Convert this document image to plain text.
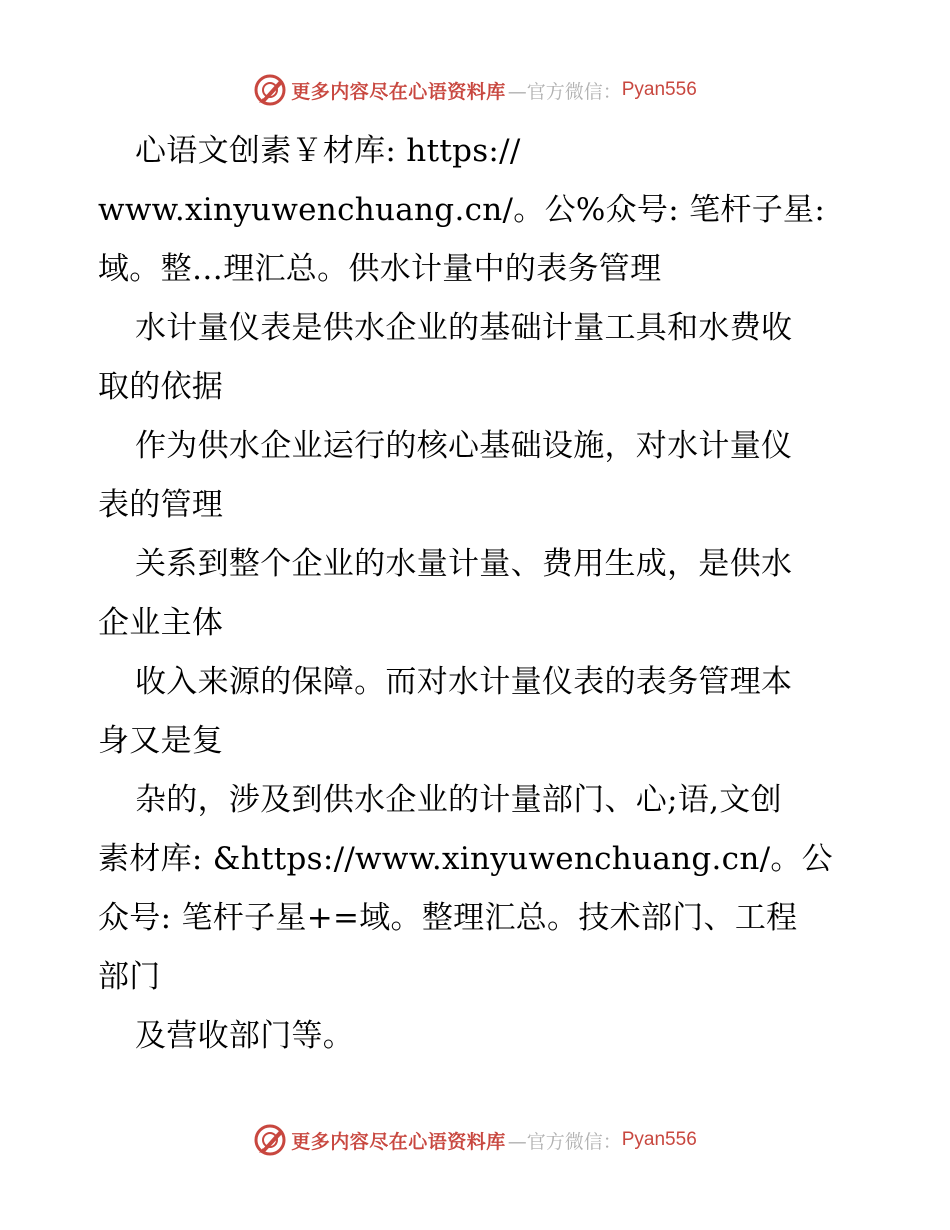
更多内容尽在心语资料库 —官方微信： Pyan556
心语文创素￥材库: https://
www.xinyuwenchuang.cn/。公%众号: 笔杆子星:
域。整…理汇总。供水计量中的表务管理
水计量仪表是供水企业的基础计量工具和水费收
取的依据
作为供水企业运行的核心基础设施，对水计量仪
表的管理
关系到整个企业的水量计量、费用生成，是供水
企业主体
收入来源的保障。而对水计量仪表的表务管理本
身又是复
杂的，涉及到供水企业的计量部门、心;语,文创
素材库: &https://www.xinyuwenchuang.cn/。公
众号: 笔杆子星+=域。整理汇总。技术部门、工程
部门
及营收部门等。
更多内容尽在心语资料库 —官方微信： Pyan556
